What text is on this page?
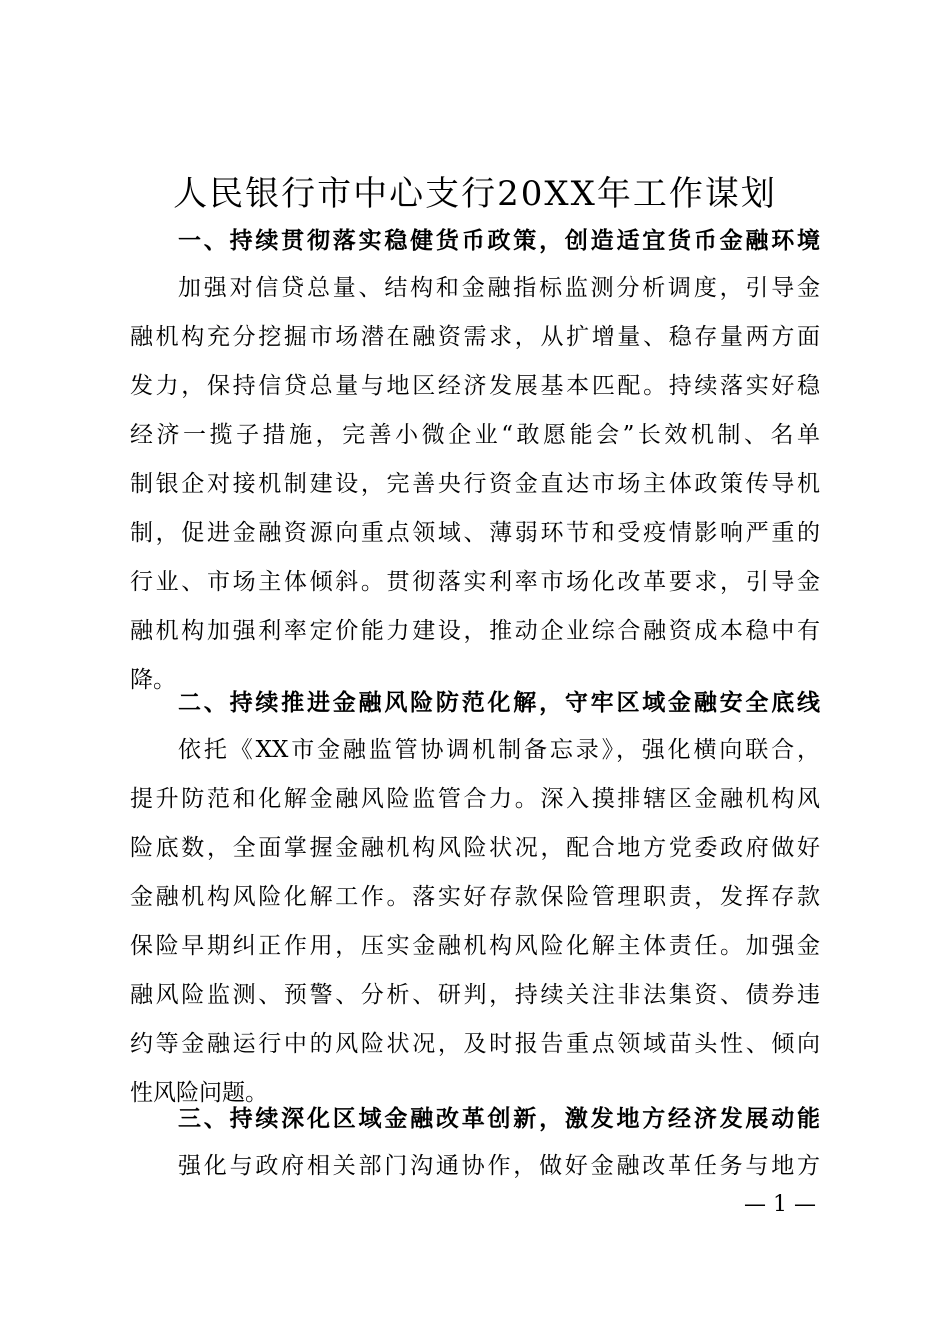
人民银行市中心支行20XX年工作谋划
一、持续贯彻落实稳健货币政策，创造适宜货币金融环境
加强对信贷总量、结构和金融指标监测分析调度，引导金
融机构充分挖掘市场潜在融资需求，从扩增量、稳存量两方面
发力，保持信贷总量与地区经济发展基本匹配。持续落实好稳
经济一揽子措施，完善小微企业“敢愿能会”长效机制、名单
制银企对接机制建设，完善央行资金直达市场主体政策传导机
制，促进金融资源向重点领域、薄弱环节和受疫情影响严重的
行业、市场主体倾斜。贯彻落实利率市场化改革要求，引导金
融机构加强利率定价能力建设，推动企业综合融资成本稳中有
降。
二、持续推进金融风险防范化解，守牢区域金融安全底线
依托《XX市金融监管协调机制备忘录》，强化横向联合，
提升防范和化解金融风险监管合力。深入摸排辖区金融机构风
险底数，全面掌握金融机构风险状况，配合地方党委政府做好
金融机构风险化解工作。落实好存款保险管理职责，发挥存款
保险早期纠正作用，压实金融机构风险化解主体责任。加强金
融风险监测、预警、分析、研判，持续关注非法集资、债券违
约等金融运行中的风险状况，及时报告重点领域苗头性、倾向
性风险问题。
三、持续深化区域金融改革创新，激发地方经济发展动能
强化与政府相关部门沟通协作，做好金融改革任务与地方
— 1 —
